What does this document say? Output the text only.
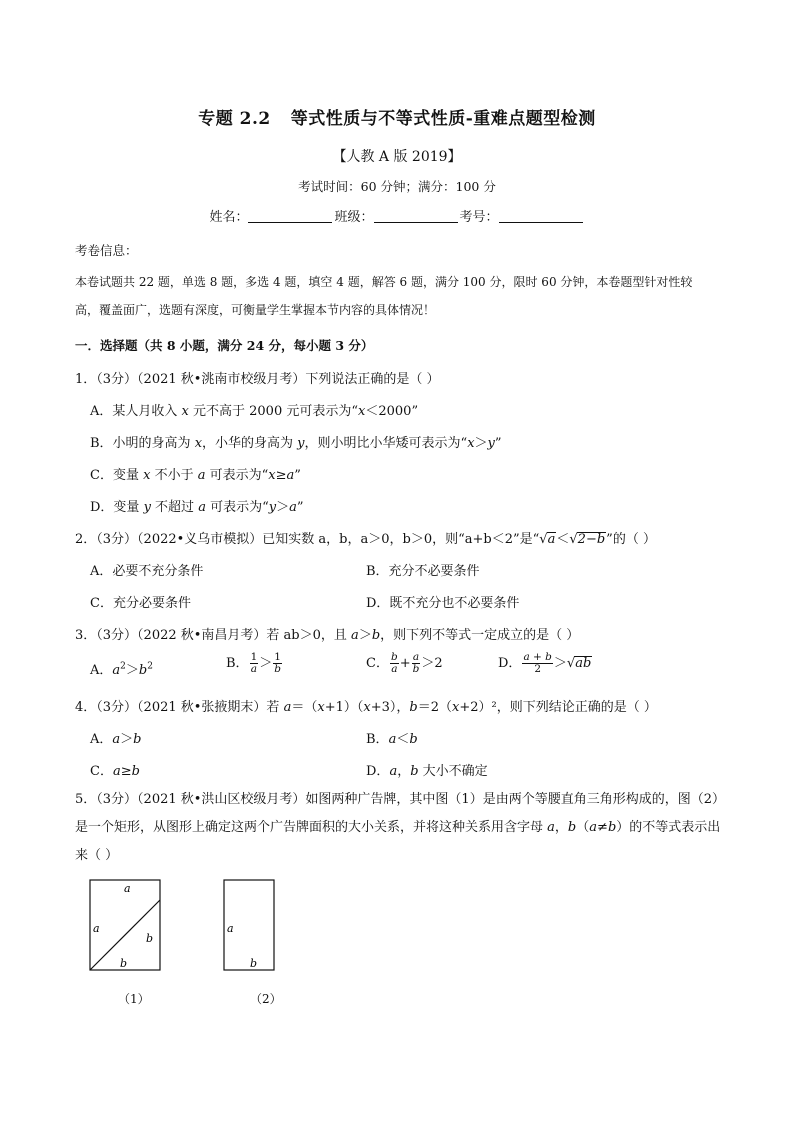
专题 2.2 等式性质与不等式性质-重难点题型检测
【人教 A 版 2019】
考试时间：60 分钟；满分：100 分
姓名：	班级：	考号：
考卷信息：
本卷试题共 22 题，单选 8 题，多选 4 题，填空 4 题，解答 6 题，满分 100 分，限时 60 分钟，本卷题型针对性较
高，覆盖面广，选题有深度，可衡量学生掌握本节内容的具体情况！
一．选择题（共 8 小题，满分 24 分，每小题 3 分）
1．（3分）（2021 秋•洮南市校级月考）下列说法正确的是（ ）
A．某人月收入 x 元不高于 2000 元可表示为“x＜2000”
B．小明的身高为 x，小华的身高为 y，则小明比小华矮可表示为“x＞y”
C．变量 x 不小于 a 可表示为“x≥a”
D．变量 y 不超过 a 可表示为“y＞a”
2．（3分）（2022•义乌市模拟）已知实数 a，b，a＞0，b＞0，则“a+b＜2”是“√a＜√2−b”的（ ）
A．必要不充分条件	B．充分不必要条件
C．充分必要条件	D．既不充分也不必要条件
3．（3分）（2022 秋•南昌月考）若 ab＞0，且 a＞b，则下列不等式一定成立的是（ ）
A．$a^2>b^2$	B． $\frac{1}{a} > \frac{1}{b}$	C． $\frac{b}{a} + \frac{a}{b} >2$	D． $\frac{a + b}{2} >√ab$
4．（3分）（2021 秋•张掖期末）若 a＝（x+1）（x+3），b＝2（x+2）²，则下列结论正确的是（ ）
A．a＞b	B．a＜b
C．a≥b	D．a，b 大小不确定
5．（3分）（2021 秋•洪山区校级月考）如图两种广告牌，其中图（1）是由两个等腰直角三角形构成的，图（2）是一个矩形，从图形上确定这两个广告牌面积的大小关系，并将这种关系用含字母 a，b（a≠b）的不等式表示出来（ ）
a
a
b
b
（1）
a
b
（2）
